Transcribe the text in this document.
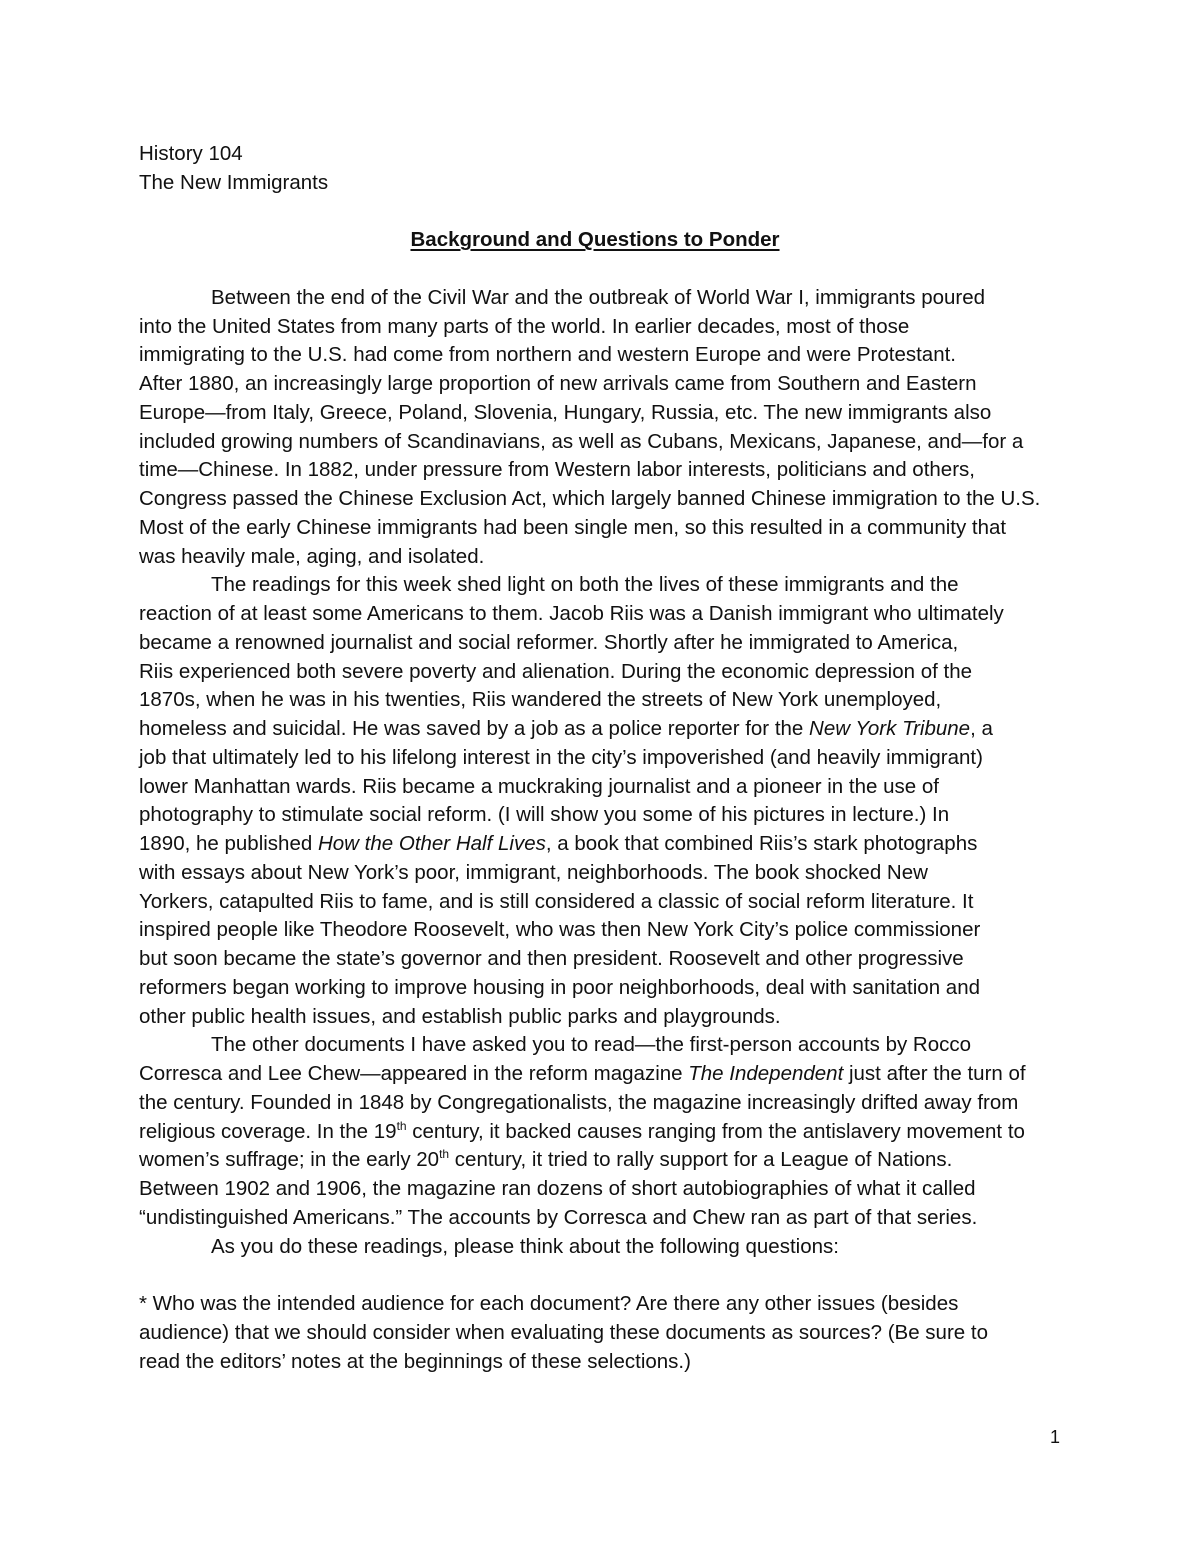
History 104

The New Immigrants

Background and Questions to Ponder

Between the end of the Civil War and the outbreak of World War I, immigrants poured

into the United States from many parts of the world. In earlier decades, most of those

immigrating to the U.S. had come from northern and western Europe and were Protestant.

After 1880, an increasingly large proportion of new arrivals came from Southern and Eastern

Europe—from Italy, Greece, Poland, Slovenia, Hungary, Russia, etc. The new immigrants also

included growing numbers of Scandinavians, as well as Cubans, Mexicans, Japanese, and—for a

time—Chinese. In 1882, under pressure from Western labor interests, politicians and others,

Congress passed the Chinese Exclusion Act, which largely banned Chinese immigration to the U.S.

Most of the early Chinese immigrants had been single men, so this resulted in a community that

was heavily male, aging, and isolated.

The readings for this week shed light on both the lives of these immigrants and the

reaction of at least some Americans to them. Jacob Riis was a Danish immigrant who ultimately

became a renowned journalist and social reformer. Shortly after he immigrated to America,

Riis experienced both severe poverty and alienation. During the economic depression of the

1870s, when he was in his twenties, Riis wandered the streets of New York unemployed,

homeless and suicidal. He was saved by a job as a police reporter for the New York Tribune, a

job that ultimately led to his lifelong interest in the city’s impoverished (and heavily immigrant)

lower Manhattan wards. Riis became a muckraking journalist and a pioneer in the use of

photography to stimulate social reform. (I will show you some of his pictures in lecture.) In

1890, he published How the Other Half Lives, a book that combined Riis’s stark photographs

with essays about New York’s poor, immigrant, neighborhoods. The book shocked New

Yorkers, catapulted Riis to fame, and is still considered a classic of social reform literature. It

inspired people like Theodore Roosevelt, who was then New York City’s police commissioner

but soon became the state’s governor and then president. Roosevelt and other progressive

reformers began working to improve housing in poor neighborhoods, deal with sanitation and

other public health issues, and establish public parks and playgrounds.

The other documents I have asked you to read—the first-person accounts by Rocco

Corresca and Lee Chew—appeared in the reform magazine The Independent just after the turn of

the century. Founded in 1848 by Congregationalists, the magazine increasingly drifted away from

religious coverage. In the 19th century, it backed causes ranging from the antislavery movement to

women’s suffrage; in the early 20th century, it tried to rally support for a League of Nations.

Between 1902 and 1906, the magazine ran dozens of short autobiographies of what it called

“undistinguished Americans.” The accounts by Corresca and Chew ran as part of that series.

As you do these readings, please think about the following questions:

* Who was the intended audience for each document? Are there any other issues (besides

audience) that we should consider when evaluating these documents as sources? (Be sure to

read the editors’ notes at the beginnings of these selections.)

1
